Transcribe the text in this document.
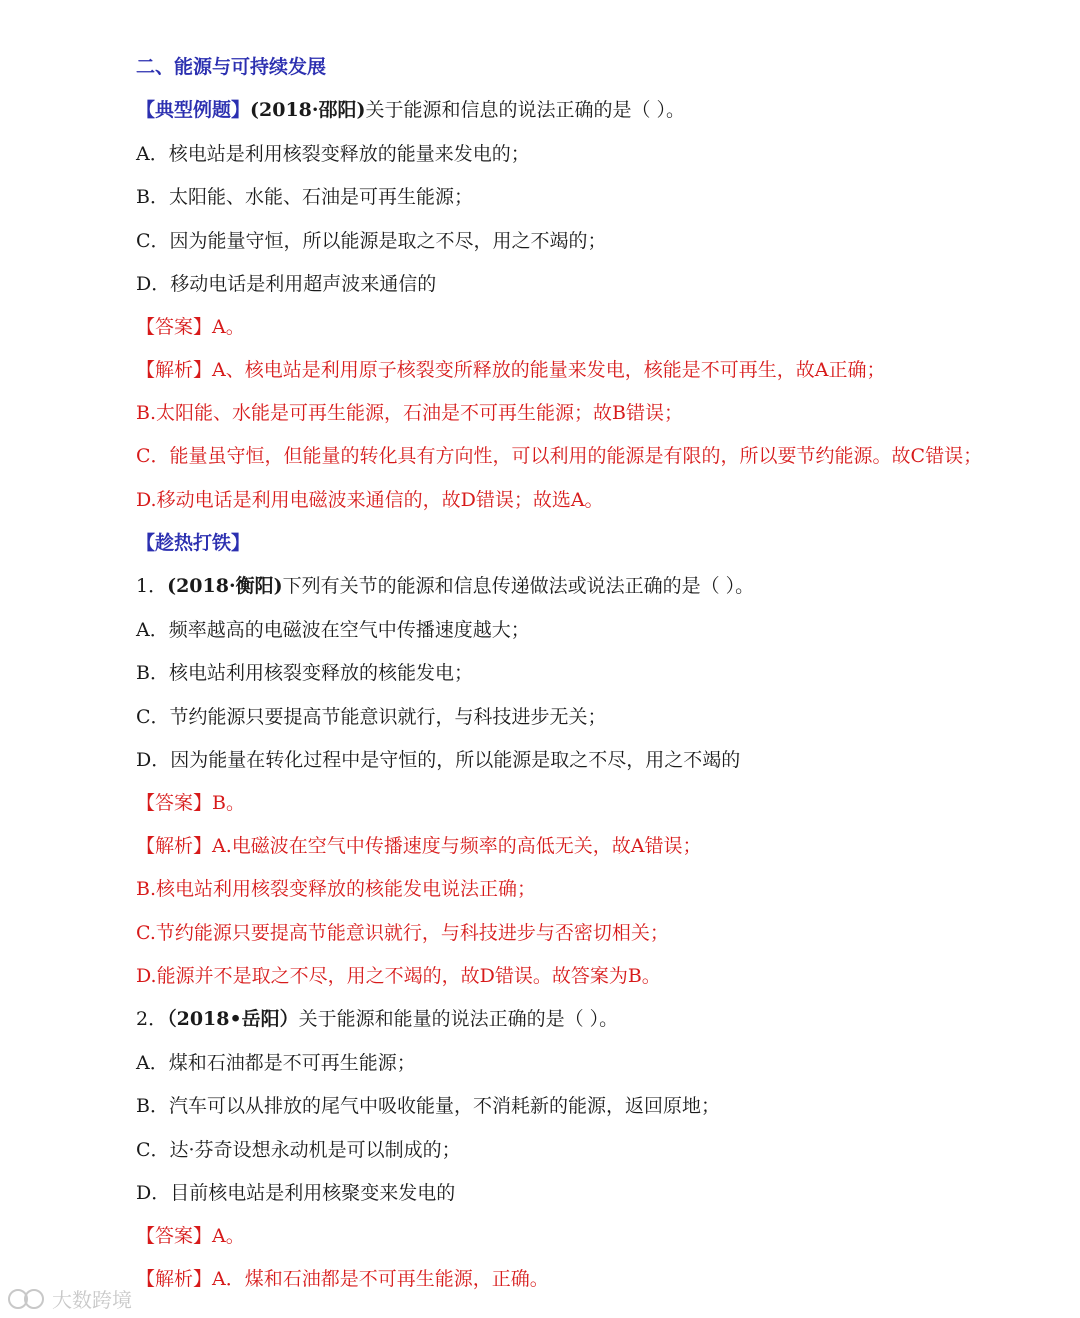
二、能源与可持续发展
【典型例题】(2018·邵阳)关于能源和信息的说法正确的是（ ）。
A．核电站是利用核裂变释放的能量来发电的；
B．太阳能、水能、石油是可再生能源；
C．因为能量守恒，所以能源是取之不尽，用之不竭的；
D．移动电话是利用超声波来通信的
【答案】A。
【解析】A、核电站是利用原子核裂变所释放的能量来发电，核能是不可再生，故A正确；
B.太阳能、水能是可再生能源，石油是不可再生能源；故B错误；
C．能量虽守恒，但能量的转化具有方向性，可以利用的能源是有限的，所以要节约能源。故C错误；
D.移动电话是利用电磁波来通信的，故D错误；故选A。
【趁热打铁】
1．(2018·衡阳)下列有关节的能源和信息传递做法或说法正确的是（ ）。
A．频率越高的电磁波在空气中传播速度越大；
B．核电站利用核裂变释放的核能发电；
C．节约能源只要提高节能意识就行，与科技进步无关；
D．因为能量在转化过程中是守恒的，所以能源是取之不尽，用之不竭的
【答案】B。
【解析】A.电磁波在空气中传播速度与频率的高低无关，故A错误；
B.核电站利用核裂变释放的核能发电说法正确；
C.节约能源只要提高节能意识就行，与科技进步与否密切相关；
D.能源并不是取之不尽，用之不竭的，故D错误。故答案为B。
2．（2018•岳阳）关于能源和能量的说法正确的是（ ）。
A．煤和石油都是不可再生能源；
B．汽车可以从排放的尾气中吸收能量，不消耗新的能源，返回原地；
C．达·芬奇设想永动机是可以制成的；
D．目前核电站是利用核聚变来发电的
【答案】A。
【解析】A．煤和石油都是不可再生能源，正确。
大数跨境
